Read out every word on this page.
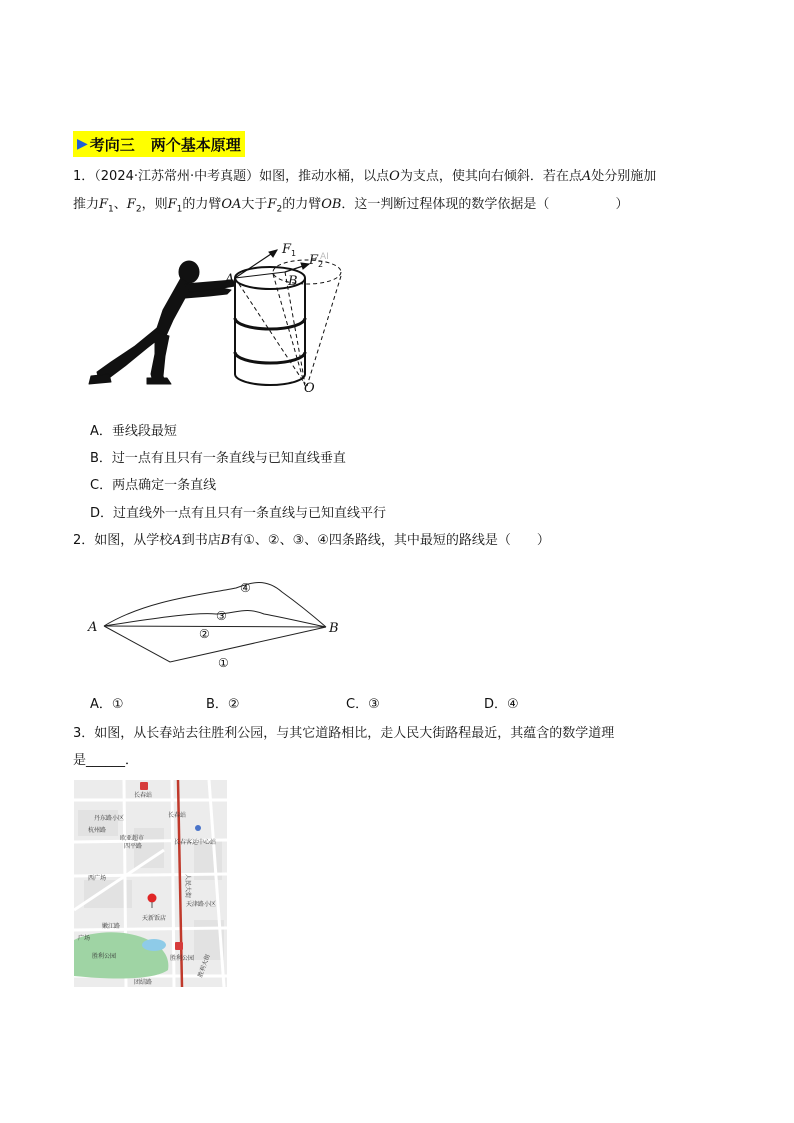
▶ 考向三 两个基本原理
1．（2024·江苏常州·中考真题）如图，推动水桶，以点O为支点，使其向右倾斜．若在点A处分别施加
推力$F_1$、$F_2$，则$F_1$的力臂OA大于$F_2$的力臂OB．这一判断过程体现的数学依据是（	）
F 1 F 2
AI
A	B
O
A．垂线段最短
B．过一点有且只有一条直线与已知直线垂直
C．两点确定一条直线
D．过直线外一点有且只有一条直线与已知直线平行
2．如图，从学校A到书店B有①、②、③、④四条路线，其中最短的路线是（ ）
A	B
④
③
②
①
A．①	B．②	C．③	D．④
3．如图，从长春站去往胜利公园，与其它道路相比，走人民大街路程最近，其蕴含的数学道理
是______．
长春站
长春站
丹东路小区
杭州路
欧亚超市
四平路
长春客运中心站
西广场
天津路小区
嫩江路
天新饭店
胜利公园	胜利公园
团结路
广场
胜利大街
人民大街
